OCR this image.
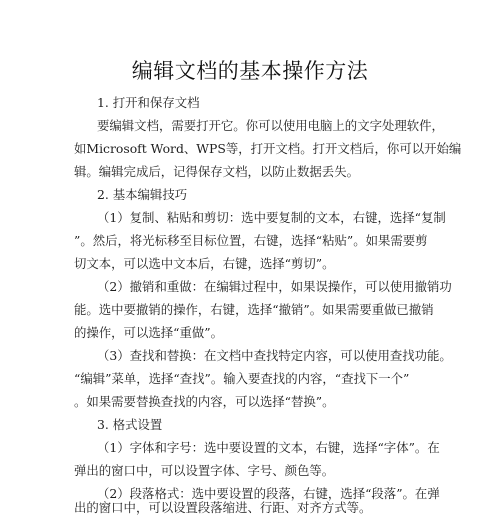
编辑文档的基本操作方法
1. 打开和保存文档
要编辑文档，需要打开它。你可以使用电脑上的文字处理软件，
如Microsoft Word、WPS等，打开文档。打开文档后，你可以开始编
辑。编辑完成后，记得保存文档，以防止数据丢失。
2. 基本编辑技巧
（1）复制、粘贴和剪切：选中要复制的文本，右键，选择“复制
”。然后，将光标移至目标位置，右键，选择“粘贴”。如果需要剪
切文本，可以选中文本后，右键，选择“剪切”。
（2）撤销和重做：在编辑过程中，如果误操作，可以使用撤销功
能。选中要撤销的操作，右键，选择“撤销”。如果需要重做已撤销
的操作，可以选择“重做”。
（3）查找和替换：在文档中查找特定内容，可以使用查找功能。
“编辑”菜单，选择“查找”。输入要查找的内容，“查找下一个”
。如果需要替换查找的内容，可以选择“替换”。
3. 格式设置
（1）字体和字号：选中要设置的文本，右键，选择“字体”。在
弹出的窗口中，可以设置字体、字号、颜色等。
（2）段落格式：选中要设置的段落，右键，选择“段落”。在弹
出的窗口中，可以设置段落缩进、行距、对齐方式等。
